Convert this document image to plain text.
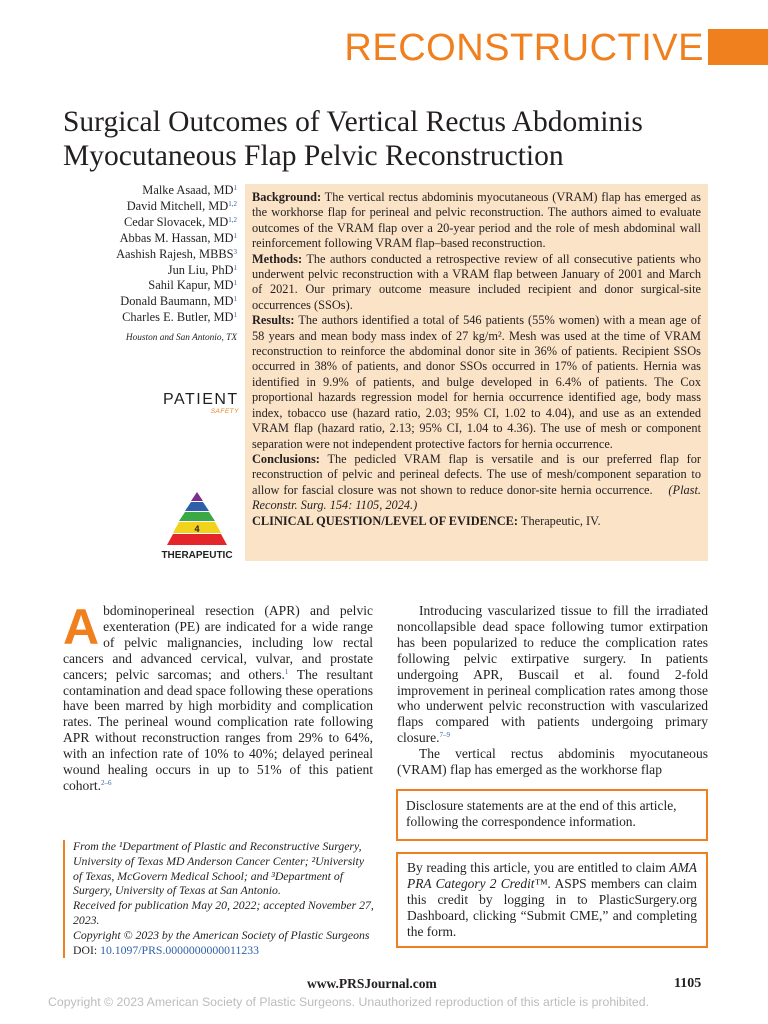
RECONSTRUCTIVE
Surgical Outcomes of Vertical Rectus Abdominis Myocutaneous Flap Pelvic Reconstruction
Malke Asaad, $MD^1$
David Mitchell, MD$^{1,2}$
Cedar Slovacek, MD$^{1,2}$
Abbas M. Hassan, $MD^1$
Aashish Rajesh, MBBS$^3$
Jun Liu, PhD$^1$
Sahil Kapur, $MD^1$
Donald Baumann, $MD^1$
Charles E. Butler, $MD^1$
Houston and San Antonio, TX
PATIENT
SAFETY
4
THERAPEUTIC

Background: The vertical rectus abdominis myocutaneous (VRAM) flap has emerged as the workhorse flap for perineal and pelvic reconstruction. The authors aimed to evaluate outcomes of the VRAM flap over a 20-year period and the role of mesh abdominal wall reinforcement following VRAM flap–based reconstruction.

Methods: The authors conducted a retrospective review of all consecutive patients who underwent pelvic reconstruction with a VRAM flap between January of 2001 and March of 2021. Our primary outcome measure included recipient and donor surgical-site occurrences (SSOs).

Results: The authors identified a total of 546 patients (55% women) with a mean age of 58 years and mean body mass index of 27 kg/m². Mesh was used at the time of VRAM reconstruction to reinforce the abdominal donor site in 36% of patients. Recipient SSOs occurred in 38% of patients, and donor SSOs occurred in 17% of patients. Hernia was identified in 9.9% of patients, and bulge developed in 6.4% of patients. The Cox proportional hazards regression model for hernia occurrence identified age, body mass index, tobacco use (hazard ratio, 2.03; 95% CI, 1.02 to 4.04), and use as an extended VRAM flap (hazard ratio, 2.13; 95% CI, 1.04 to 4.36). The use of mesh or component separation were not independent protective factors for hernia occurrence.

Conclusions: The pedicled VRAM flap is versatile and is our preferred flap for reconstruction of pelvic and perineal defects. The use of mesh/component separation to allow for fascial closure was not shown to reduce donor-site hernia occurrence. (Plast. Reconstr. Surg. 154: 1105, 2024.)

CLINICAL QUESTION/LEVEL OF EVIDENCE: Therapeutic, IV.

Abdominoperineal resection (APR) and pelvic exenteration (PE) are indicated for a wide range of pelvic malignancies, including low rectal cancers and advanced cervical, vulvar, and prostate cancers; pelvic sarcomas; and others.$^1$ The resultant contamination and dead space following these operations have been marred by high morbidity and complication rates. The perineal wound complication rate following APR without reconstruction ranges from 29% to 64%, with an infection rate of 10% to 40%; delayed perineal wound healing occurs in up to 51% of this patient cohort.$^{2-6}$

Introducing vascularized tissue to fill the irradiated noncollapsible dead space following tumor extirpation has been popularized to reduce the complication rates following pelvic extirpative surgery. In patients undergoing APR, Buscail et al. found 2-fold improvement in perineal complication rates among those who underwent pelvic reconstruction with vascularized flaps compared with patients undergoing primary closure.$^{7-9}$

The vertical rectus abdominis myocutaneous (VRAM) flap has emerged as the workhorse flap

From the ¹Department of Plastic and Reconstructive Surgery, University of Texas MD Anderson Cancer Center; ²University of Texas, McGovern Medical School; and ³Department of Surgery, University of Texas at San Antonio.

Received for publication May 20, 2022; accepted November 27, 2023.

Copyright © 2023 by the American Society of Plastic Surgeons

DOI: 10.1097/PRS.0000000000011233

Disclosure statements are at the end of this article, following the correspondence information.
By reading this article, you are entitled to claim AMA PRA Category 2 Credit™. ASPS members can claim this credit by logging in to PlasticSurgery.org Dashboard, clicking “Submit CME,” and completing the form.
www.PRSJournal.com	1105
Copyright © 2023 American Society of Plastic Surgeons. Unauthorized reproduction of this article is prohibited.
